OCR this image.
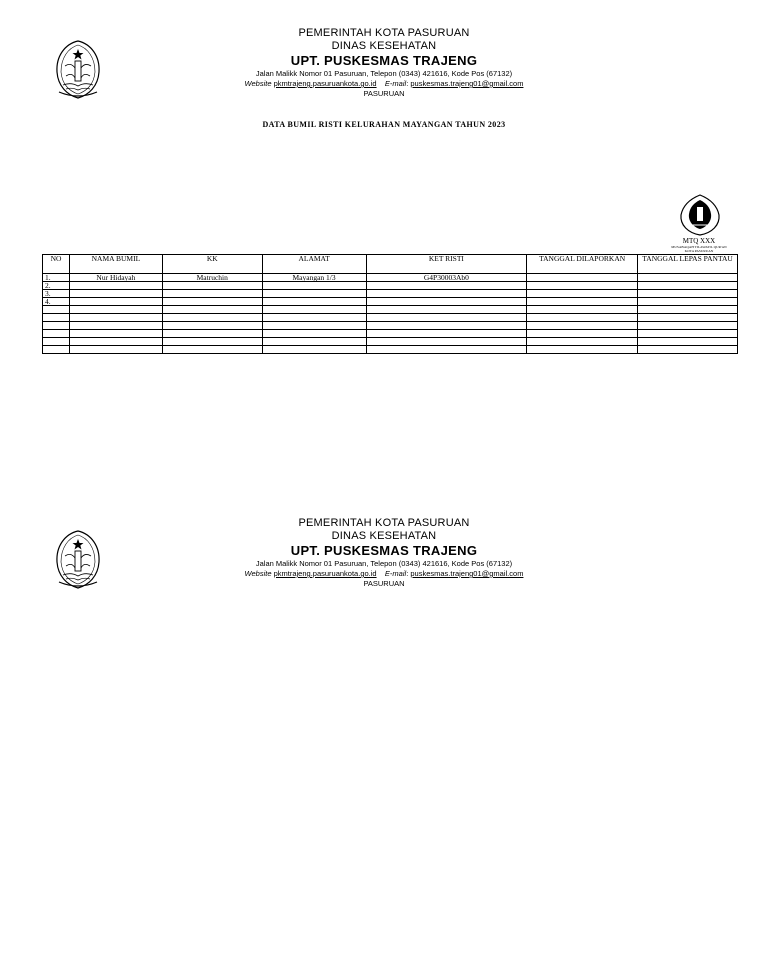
PEMERINTAH KOTA PASURUAN
DINAS KESEHATAN
UPT. PUSKESMAS TRAJENG
Jalan Malikk Nomor 01 Pasuruan, Telepon (0343) 421616, Kode Pos (67132)
Website pkmtrajeng.pasuruankota.go.id E-mail: puskesmas.trajeng01@gmail.com
PASURUAN
DATA BUMIL RISTI KELURAHAN MAYANGAN TAHUN 2023
MTQ XXX
MUSABAQAH TILAWATIL QUR'AN
KOTA PASURUAN
NO	NAMA BUMIL	KK	ALAMAT	KET RISTI	TANGGAL DILAPORKAN	TANGGAL LEPAS PANTAU
1.	Nur Hidayah	Matruchin	Mayangan 1/3	G4P30003Ab0		
2.						
3.						
4.						

PEMERINTAH KOTA PASURUAN
DINAS KESEHATAN
UPT. PUSKESMAS TRAJENG
Jalan Malikk Nomor 01 Pasuruan, Telepon (0343) 421616, Kode Pos (67132)
Website pkmtrajeng.pasuruankota.go.id E-mail: puskesmas.trajeng01@gmail.com
PASURUAN
